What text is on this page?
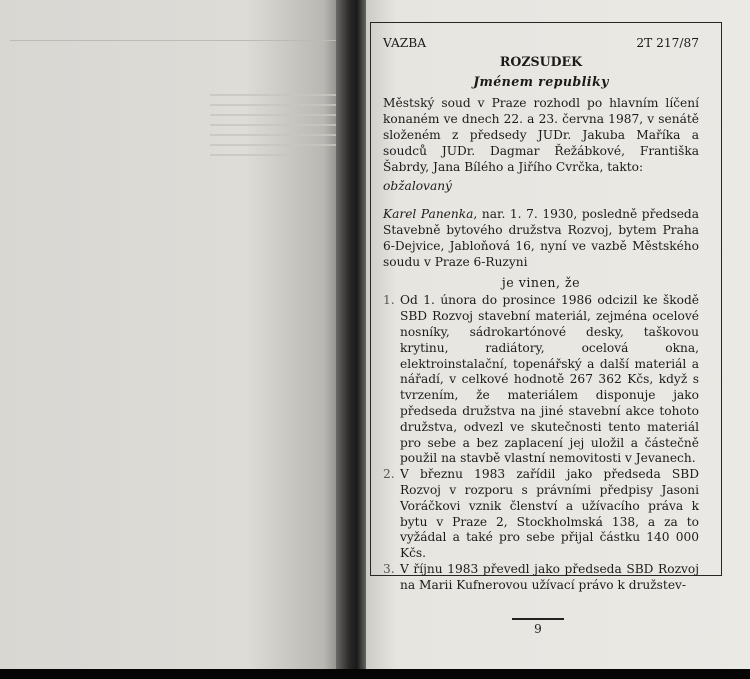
VAZBA	2T 217/87
ROZSUDEK
Jménem republiky

Městský soud v Praze rozhodl po hlavním líčení konaném ve dnech 22. a 23. června 1987, v senátě složeném z předsedy JUDr. Jakuba Maříka a soudců JUDr. Dagmar Řežábkové, Františka Šabrdy, Jana Bílého a Jiřího Cvrčka, takto:

obžalovaný

Karel Panenka, nar. 1. 7. 1930, posledně předseda Stavebně bytového družstva Rozvoj, bytem Praha 6-Dejvice, Jabloňová 16, nyní ve vazbě Městského soudu v Praze 6-Ruzyni

je vinen, že

1. Od 1. února do prosince 1986 odcizil ke škodě SBD Rozvoj stavební materiál, zejména ocelové nosníky, sádrokartónové desky, taškovou krytinu, radiátory, ocelová okna, elektroinstalační, topenářský a další materiál a nářadí, v celkové hodnotě 267 362 Kčs, když s tvrzením, že materiálem disponuje jako předseda družstva na jiné stavební akce tohoto družstva, odvezl ve skutečnosti tento materiál pro sebe a bez zaplacení jej uložil a částečně použil na stavbě vlastní nemovitosti v Jevanech.
2. V březnu 1983 zařídil jako předseda SBD Rozvoj v rozporu s právními předpisy Jasoni Voráčkovi vznik členství a užívacího práva k bytu v Praze 2, Stockholmská 138, a za to vyžádal a také pro sebe přijal částku 140 000 Kčs.
3. V říjnu 1983 převedl jako předseda SBD Rozvoj na Marii Kufnerovou užívací právo k družstev-
9
